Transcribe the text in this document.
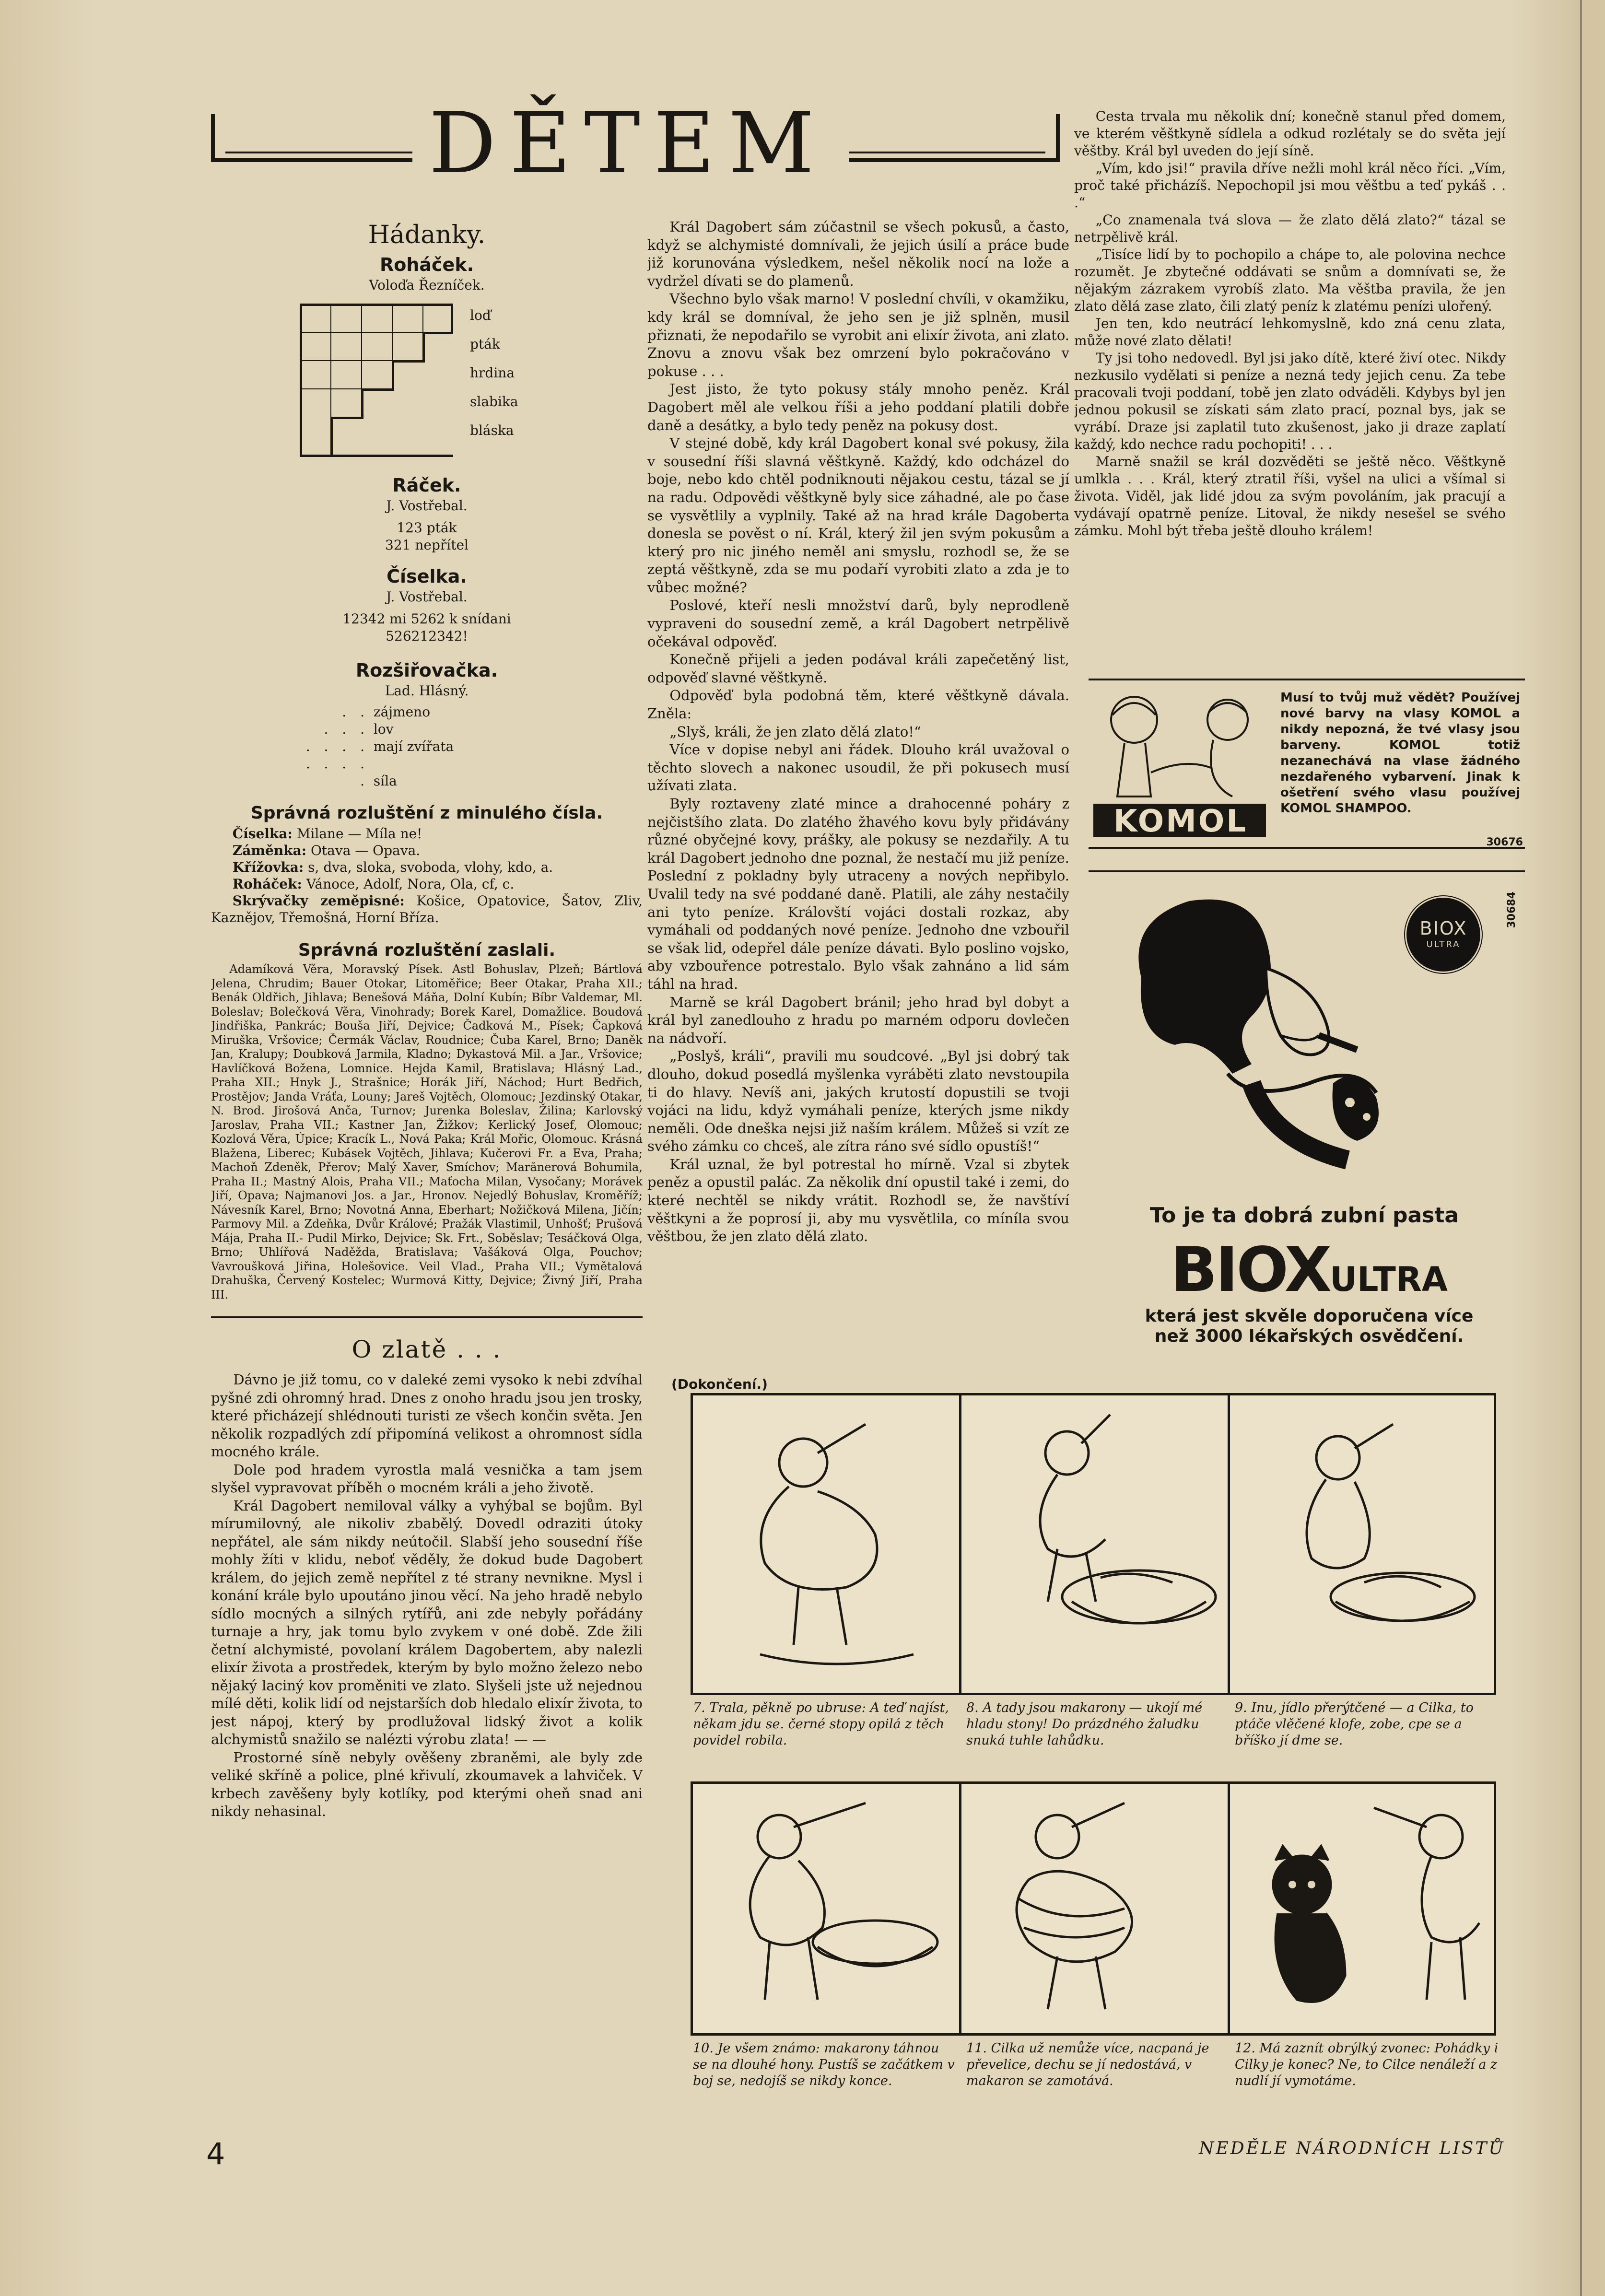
DĚTEM
Hádanky.
Roháček.
Voloďa Řezníček.
loď
pták
hrdina
slabika
bláska
Ráček.
J. Vostřebal.
123 pták
321 nepřítel
Číselka.
J. Vostřebal.
12342 mi 5262 k snídani
526212342!
Rozšiřovačka.
Lad. Hlásný.
. . zájmeno
. . . lov
. . . . mají zvířata
. . . . . síla
Správná rozluštění z minulého čísla.

Číselka: Milane — Míla ne!

Záměnka: Otava — Opava.

Křížovka: s, dva, sloka, svoboda, vlohy, kdo, a.

Roháček: Vánoce, Adolf, Nora, Ola, cf, c.

Skrývačky zeměpisné: Košice, Opatovice, Šatov, Zliv, Kaznějov, Třemošná, Horní Bříza.

Správná rozluštění zaslali.
Adamíková Věra, Moravský Písek. Astl Bohuslav, Plzeň; Bártlová Jelena, Chrudim; Bauer Otokar, Litoměřice; Beer Otakar, Praha XII.; Benák Oldřich, Jihlava; Benešová Máňa, Dolní Kubín; Bíbr Valdemar, Ml. Boleslav; Bolečková Věra, Vinohrady; Borek Karel, Domažlice. Boudová Jindřiška, Pankrác; Bouša Jiří, Dejvice; Čadková M., Písek; Čapková Miruška, Vršovice; Čermák Václav, Roudnice; Čuba Karel, Brno; Daněk Jan, Kralupy; Doubková Jarmila, Kladno; Dykastová Mil. a Jar., Vršovice; Havlíčková Božena, Lomnice. Hejda Kamil, Bratislava; Hlásný Lad., Praha XII.; Hnyk J., Strašnice; Horák Jiří, Náchod; Hurt Bedřich, Prostějov; Janda Vráťa, Louny; Jareš Vojtěch, Olomouc; Jezdinský Otakar, N. Brod. Jirošová Anča, Turnov; Jurenka Boleslav, Žilina; Karlovský Jaroslav, Praha VII.; Kastner Jan, Žižkov; Kerlický Josef, Olomouc; Kozlová Věra, Úpice; Kracík L., Nová Paka; Král Mořic, Olomouc. Krásná Blažena, Liberec; Kubásek Vojtěch, Jihlava; Kučerovi Fr. a Eva, Praha; Machoň Zdeněk, Přerov; Malý Xaver, Smíchov; Marănerová Bohumila, Praha II.; Mastný Alois, Praha VII.; Maťocha Milan, Vysočany; Morávek Jiří, Opava; Najmanovi Jos. a Jar., Hronov. Nejedlý Bohuslav, Kroměříž; Návesník Karel, Brno; Novotná Anna, Eberhart; Nožičková Milena, Jičín; Parmovy Mil. a Zdeňka, Dvůr Králové; Pražák Vlastimil, Unhošť; Prušová Mája, Praha II.- Pudil Mirko, Dejvice; Sk. Frt., Soběslav; Tesáčková Olga, Brno; Uhlířová Naděžda, Bratislava; Vašáková Olga, Pouchov; Vavroušková Jiřina, Holešovice. Veil Vlad., Praha VII.; Vymětalová Drahuška, Červený Kostelec; Wurmová Kitty, Dejvice; Živný Jiří, Praha III.
O zlatě . . .

Dávno je již tomu, co v daleké zemi vysoko k nebi zdvíhal pyšné zdi ohromný hrad. Dnes z onoho hradu jsou jen trosky, které přicházejí shlédnouti turisti ze všech končin světa. Jen několik rozpadlých zdí připomíná velikost a ohromnost sídla mocného krále.

Dole pod hradem vyrostla malá vesnička a tam jsem slyšel vypravovat příběh o mocném králi a jeho životě.

Král Dagobert nemiloval války a vyhýbal se bojům. Byl mírumilovný, ale nikoliv zbabělý. Dovedl odraziti útoky nepřátel, ale sám nikdy neútočil. Slabší jeho sousední říše mohly žíti v klidu, neboť věděly, že dokud bude Dagobert králem, do jejich země nepřítel z té strany nevnikne. Mysl i konání krále bylo upoutáno jinou věcí. Na jeho hradě nebylo sídlo mocných a silných rytířů, ani zde nebyly pořádány turnaje a hry, jak tomu bylo zvykem v oné době. Zde žili četní alchymisté, povolaní králem Dagobertem, aby nalezli elixír života a prostředek, kterým by bylo možno železo nebo nějaký laciný kov proměniti ve zlato. Slyšeli jste už nejednou mílé děti, kolik lidí od nejstarších dob hledalo elixír života, to jest nápoj, který by prodlužoval lidský život a kolik alchymistů snažilo se nalézti výrobu zlata! — —

Prostorné síně nebyly ověšeny zbraněmi, ale byly zde veliké skříně a police, plné křivulí, zkoumavek a lahviček. V krbech zavěšeny byly kotlíky, pod kterými oheň snad ani nikdy nehasinal.

Král Dagobert sám zúčastnil se všech pokusů, a často, když se alchymisté domnívali, že jejich úsilí a práce bude již korunována výsledkem, nešel několik nocí na lože a vydržel dívati se do plamenů.

Všechno bylo však marno! V poslední chvíli, v okamžiku, kdy král se domníval, že jeho sen je již splněn, musil přiznati, že nepodařilo se vyrobit ani elixír života, ani zlato. Znovu a znovu však bez omrzení bylo pokračováno v pokuse . . .

Jest jisto, že tyto pokusy stály mnoho peněz. Král Dagobert měl ale velkou říši a jeho poddaní platili dobře daně a desátky, a bylo tedy peněz na pokusy dost.

V stejné době, kdy král Dagobert konal své pokusy, žila v sousední říši slavná věštkyně. Každý, kdo odcházel do boje, nebo kdo chtěl podniknouti nějakou cestu, tázal se jí na radu. Odpovědi věštkyně byly sice záhadné, ale po čase se vysvětlily a vyplnily. Také až na hrad krále Dagoberta donesla se pověst o ní. Král, který žil jen svým pokusům a který pro nic jiného neměl ani smyslu, rozhodl se, že se zeptá věštkyně, zda se mu podaří vyrobiti zlato a zda je to vůbec možné?

Poslové, kteří nesli množství darů, byly neprodleně vypraveni do sousední země, a král Dagobert netrpělivě očekával odpověď.

Konečně přijeli a jeden podával králi zapečetěný list, odpověď slavné věštkyně.

Odpověď byla podobná těm, které věštkyně dávala. Zněla:

„Slyš, králi, že jen zlato dělá zlato!“

Více v dopise nebyl ani řádek. Dlouho král uvažoval o těchto slovech a nakonec usoudil, že při pokusech musí užívati zlata.

Byly roztaveny zlaté mince a drahocenné poháry z nejčistšího zlata. Do zlatého žhavého kovu byly přidávány různé obyčejné kovy, prášky, ale pokusy se nezdařily. A tu král Dagobert jednoho dne poznal, že nestačí mu již peníze. Poslední z pokladny byly utraceny a nových nepřibylo. Uvalil tedy na své poddané daně. Platili, ale záhy nestačily ani tyto peníze. Královští vojáci dostali rozkaz, aby vymáhali od poddaných nové peníze. Jednoho dne vzbouřil se však lid, odepřel dále peníze dávati. Bylo poslino vojsko, aby vzbouřence potrestalo. Bylo však zahnáno a lid sám táhl na hrad.

Marně se král Dagobert bránil; jeho hrad byl dobyt a král byl zanedlouho z hradu po marném odporu dovlečen na nádvoří.

„Poslyš, králi“, pravili mu soudcové. „Byl jsi dobrý tak dlouho, dokud posedlá myšlenka vyráběti zlato nevstoupila ti do hlavy. Nevíš ani, jakých krutostí dopustili se tvoji vojáci na lidu, když vymáhali peníze, kterých jsme nikdy neměli. Ode dneška nejsi již naším králem. Můžeš si vzít ze svého zámku co chceš, ale zítra ráno své sídlo opustíš!“

Král uznal, že byl potrestal ho mírně. Vzal si zbytek peněz a opustil palác. Za několik dní opustil také i zemi, do které nechtěl se nikdy vrátit. Rozhodl se, že navštíví věštkyni a že poprosí ji, aby mu vysvětlila, co míníla svou věštbou, že jen zlato dělá zlato.

Cesta trvala mu několik dní; konečně stanul před domem, ve kterém věštkyně sídlela a odkud rozlétaly se do světa její věštby. Král byl uveden do její síně.

„Vím, kdo jsi!“ pravila dříve nežli mohl král něco říci. „Vím, proč také přicházíš. Nepochopil jsi mou věštbu a teď pykáš . . .“

„Co znamenala tvá slova — že zlato dělá zlato?“ tázal se netrpělivě král.

„Tisíce lidí by to pochopilo a chápe to, ale polovina nechce rozumět. Je zbytečné oddávati se snům a domnívati se, že nějakým zázrakem vyrobíš zlato. Ma věštba pravila, že jen zlato dělá zase zlato, čili zlatý peníz k zlatému penízi ulořený.

Jen ten, kdo neutrácí lehkomyslně, kdo zná cenu zlata, může nové zlato dělati!

Ty jsi toho nedovedl. Byl jsi jako dítě, které živí otec. Nikdy nezkusilo vydělati si peníze a nezná tedy jejich cenu. Za tebe pracovali tvoji poddaní, tobě jen zlato odváděli. Kdybys byl jen jednou pokusil se získati sám zlato prací, poznal bys, jak se vyrábí. Draze jsi zaplatil tuto zkušenost, jako ji draze zaplatí každý, kdo nechce radu pochopiti! . . .

Marně snažil se král dozvěděti se ještě něco. Věštkyně umlkla . . . Král, který ztratil říši, vyšel na ulici a všímal si života. Viděl, jak lidé jdou za svým povoláním, jak pracují a vydávají opatrně peníze. Litoval, že nikdy nesešel se svého zámku. Mohl být třeba ještě dlouho králem!

KOMOL
Musí to tvůj muž vědět? Používej nové barvy na vlasy KOMOL a nikdy nepozná, že tvé vlasy jsou barveny. KOMOL totiž nezanechává na vlase žádného nezdařeného vybarvení. Jinak k ošetření svého vlasu používej KOMOL SHAMPOO.
30676
BIOX
ULTRA
30684
To je ta dobrá zubní pasta
BIOXULTRA
která jest skvěle doporučena více než 3000 lékařských osvědčení.
(Dokončení.)
7. Trala, pěkně po ubruse: A teď najíst, někam jdu se. černé stopy opilá z těch povidel robila.
8. A tady jsou makarony — ukojí mé hladu stony! Do prázdného žaludku snuká tuhle lahůdku.
9. Inu, jídlo přerýtčené — a Cilka, to ptáče vlěčené klofe, zobe, cpe se a bříško jí dme se.
10. Je všem známo: makarony táhnou se na dlouhé hony. Pustíš se začátkem v boj se, nedojíš se nikdy konce.
11. Cilka už nemůže více, nacpaná je převelice, dechu se jí nedostává, v makaron se zamotává.
12. Má zaznít obrýlký zvonec: Pohádky i Cilky je konec? Ne, to Cilce nenáleží a z nudlí jí vymotáme.
4	NEDĚLE NÁRODNÍCH LISTŮ
